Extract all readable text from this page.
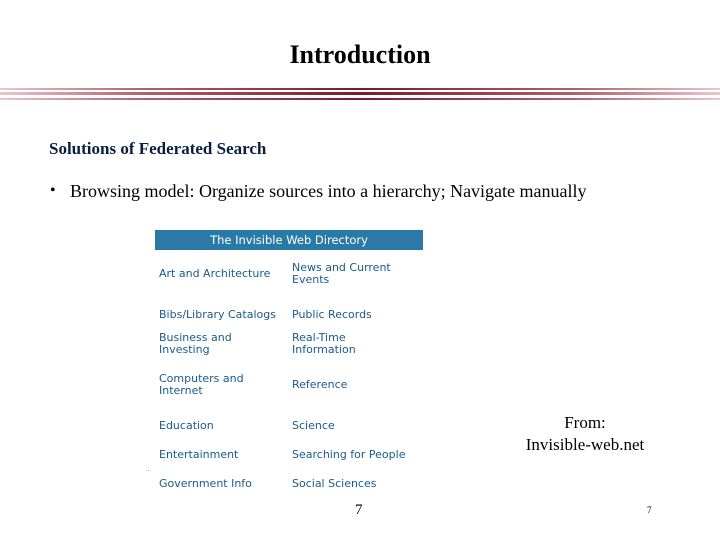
Introduction
Solutions of Federated Search
• Browsing model: Organize sources into a hierarchy; Navigate manually
The Invisible Web Directory
Art and Architecture
Bibs/Library Catalogs
Business and
Investing
Computers and
Internet
Education
Entertainment
Government Info
News and Current
Events
Public Records
Real-Time
Information
Reference
Science
Searching for People
Social Sciences
From:
Invisible-web.net
7	7
